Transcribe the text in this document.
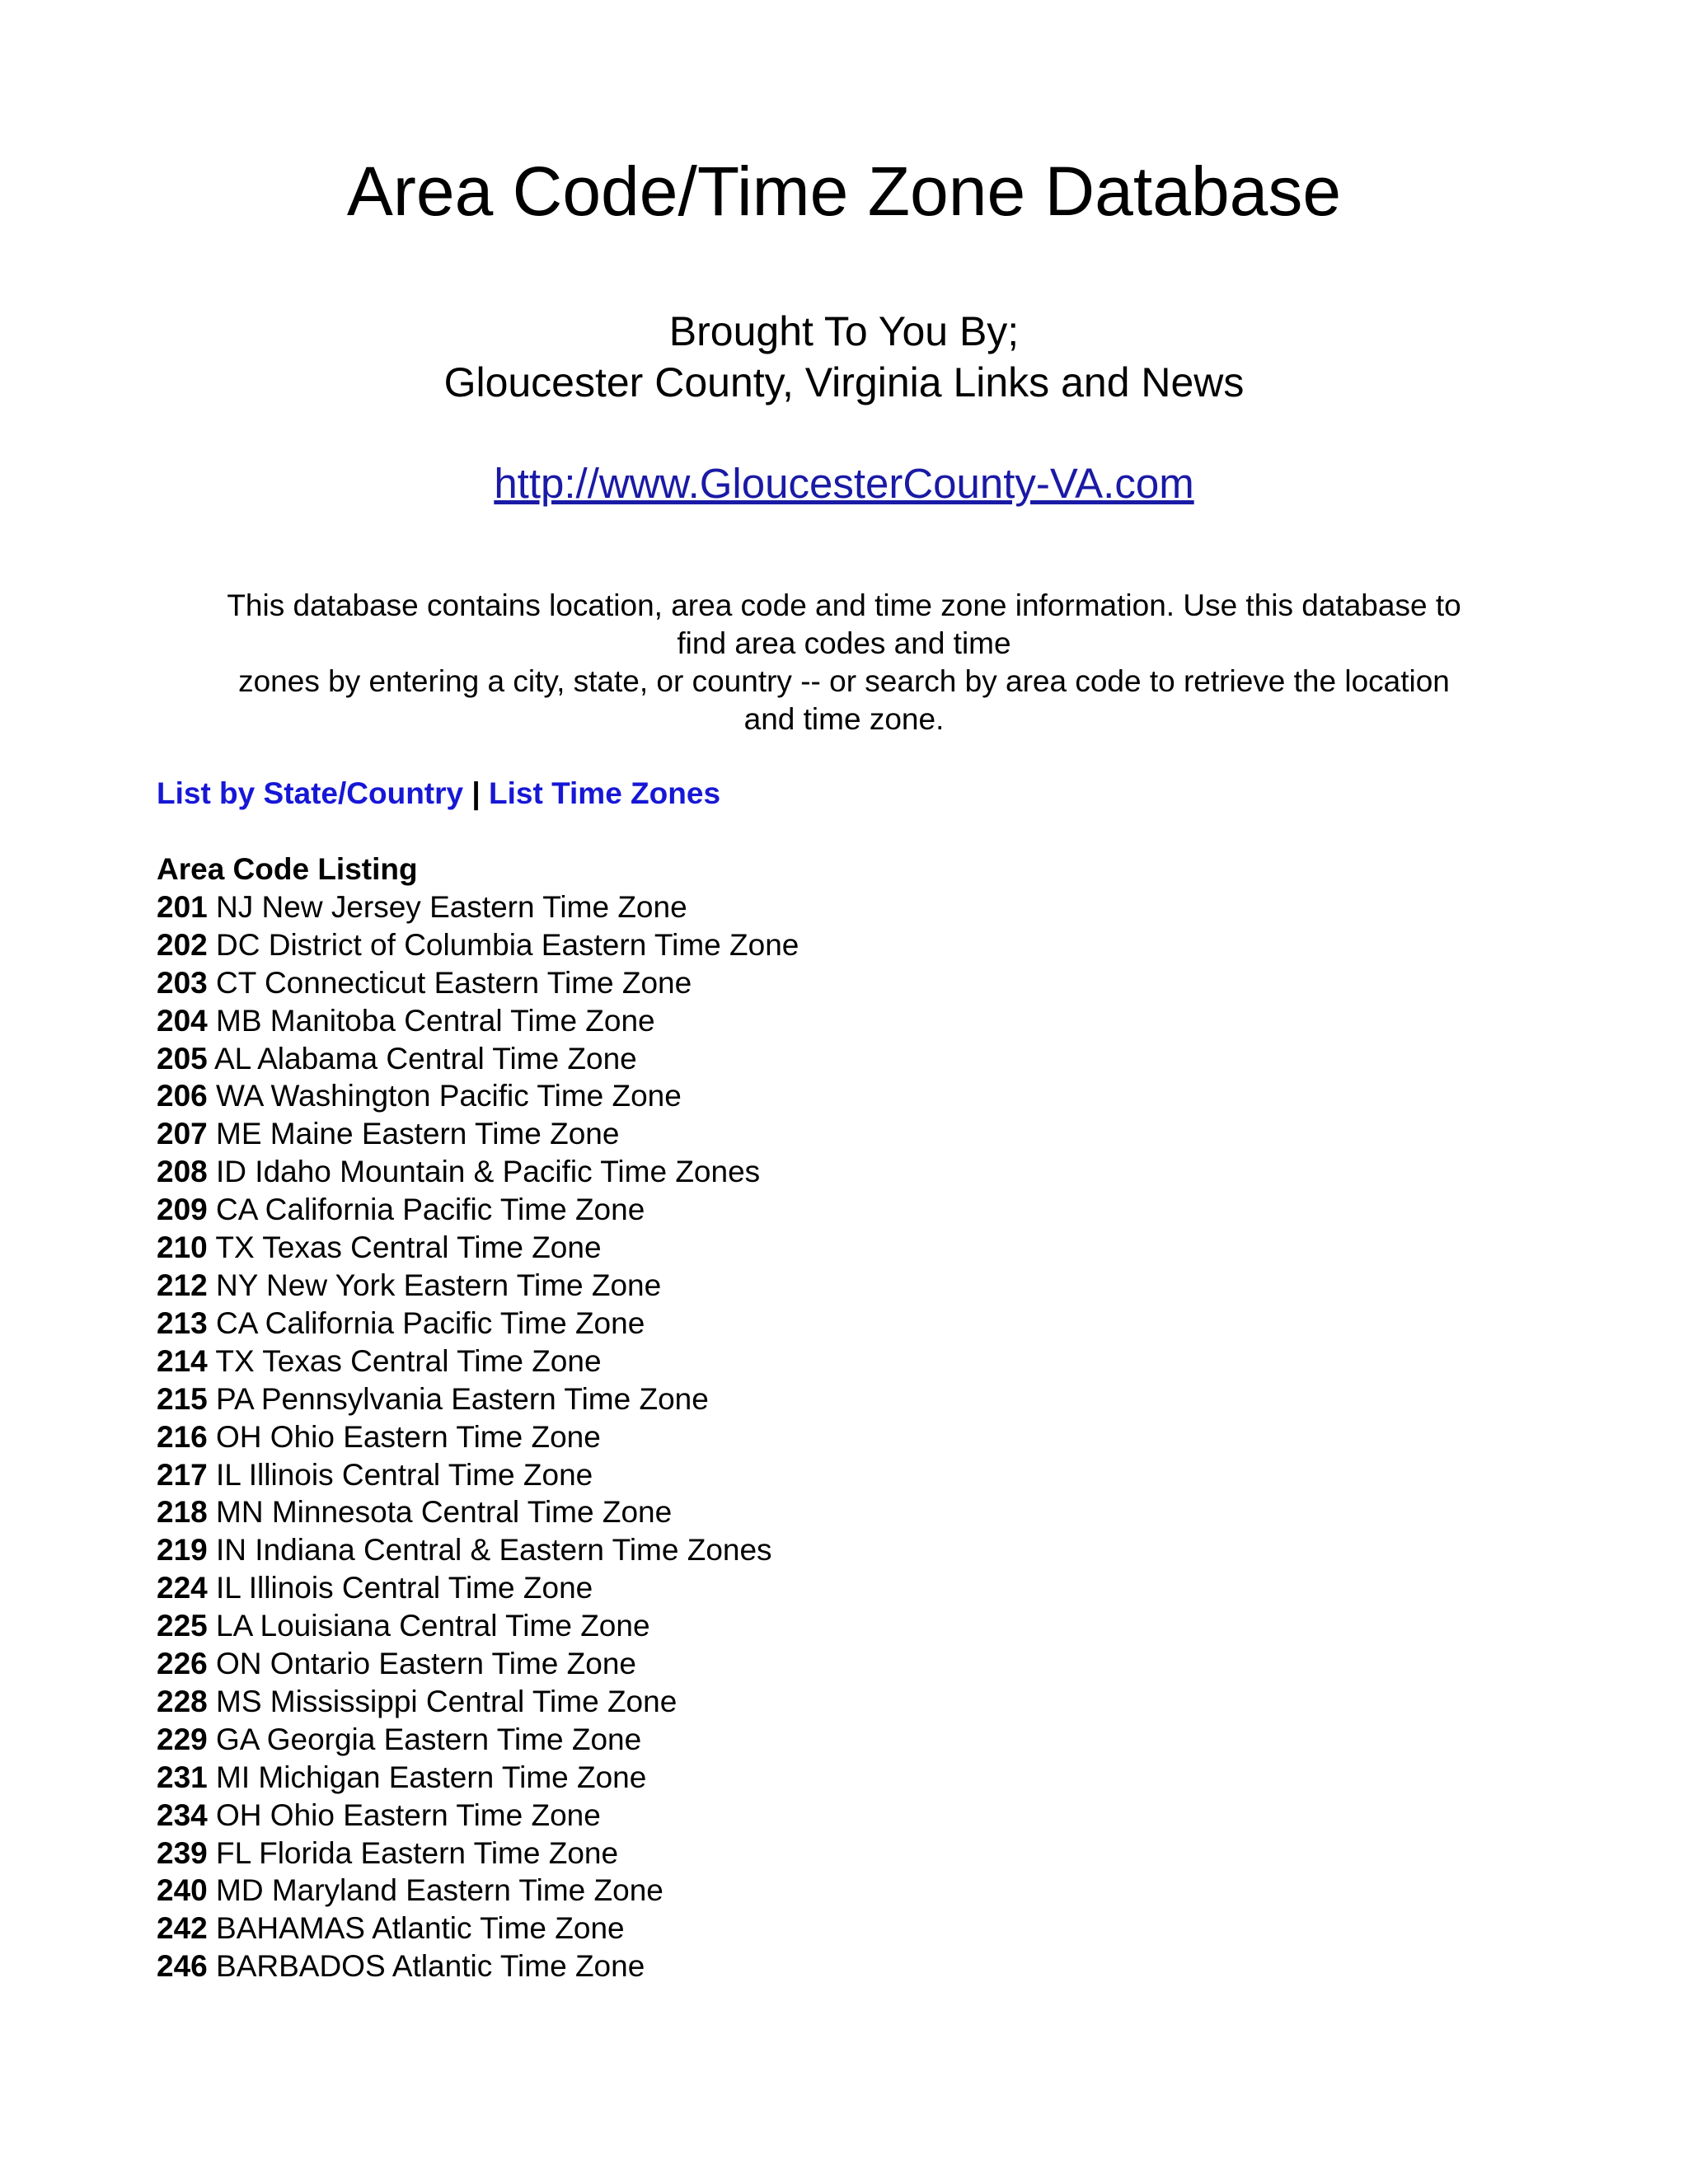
Area Code/Time Zone Database
Brought To You By;
Gloucester County, Virginia Links and News
http://www.GloucesterCounty-VA.com
This database contains location, area code and time zone information. Use this database to
find area codes and time
zones by entering a city, state, or country -- or search by area code to retrieve the location
and time zone.
List by State/Country | List Time Zones
Area Code Listing
201 NJ New Jersey Eastern Time Zone
202 DC District of Columbia Eastern Time Zone
203 CT Connecticut Eastern Time Zone
204 MB Manitoba Central Time Zone
205 AL Alabama Central Time Zone
206 WA Washington Pacific Time Zone
207 ME Maine Eastern Time Zone
208 ID Idaho Mountain & Pacific Time Zones
209 CA California Pacific Time Zone
210 TX Texas Central Time Zone
212 NY New York Eastern Time Zone
213 CA California Pacific Time Zone
214 TX Texas Central Time Zone
215 PA Pennsylvania Eastern Time Zone
216 OH Ohio Eastern Time Zone
217 IL Illinois Central Time Zone
218 MN Minnesota Central Time Zone
219 IN Indiana Central & Eastern Time Zones
224 IL Illinois Central Time Zone
225 LA Louisiana Central Time Zone
226 ON Ontario Eastern Time Zone
228 MS Mississippi Central Time Zone
229 GA Georgia Eastern Time Zone
231 MI Michigan Eastern Time Zone
234 OH Ohio Eastern Time Zone
239 FL Florida Eastern Time Zone
240 MD Maryland Eastern Time Zone
242 BAHAMAS Atlantic Time Zone
246 BARBADOS Atlantic Time Zone
